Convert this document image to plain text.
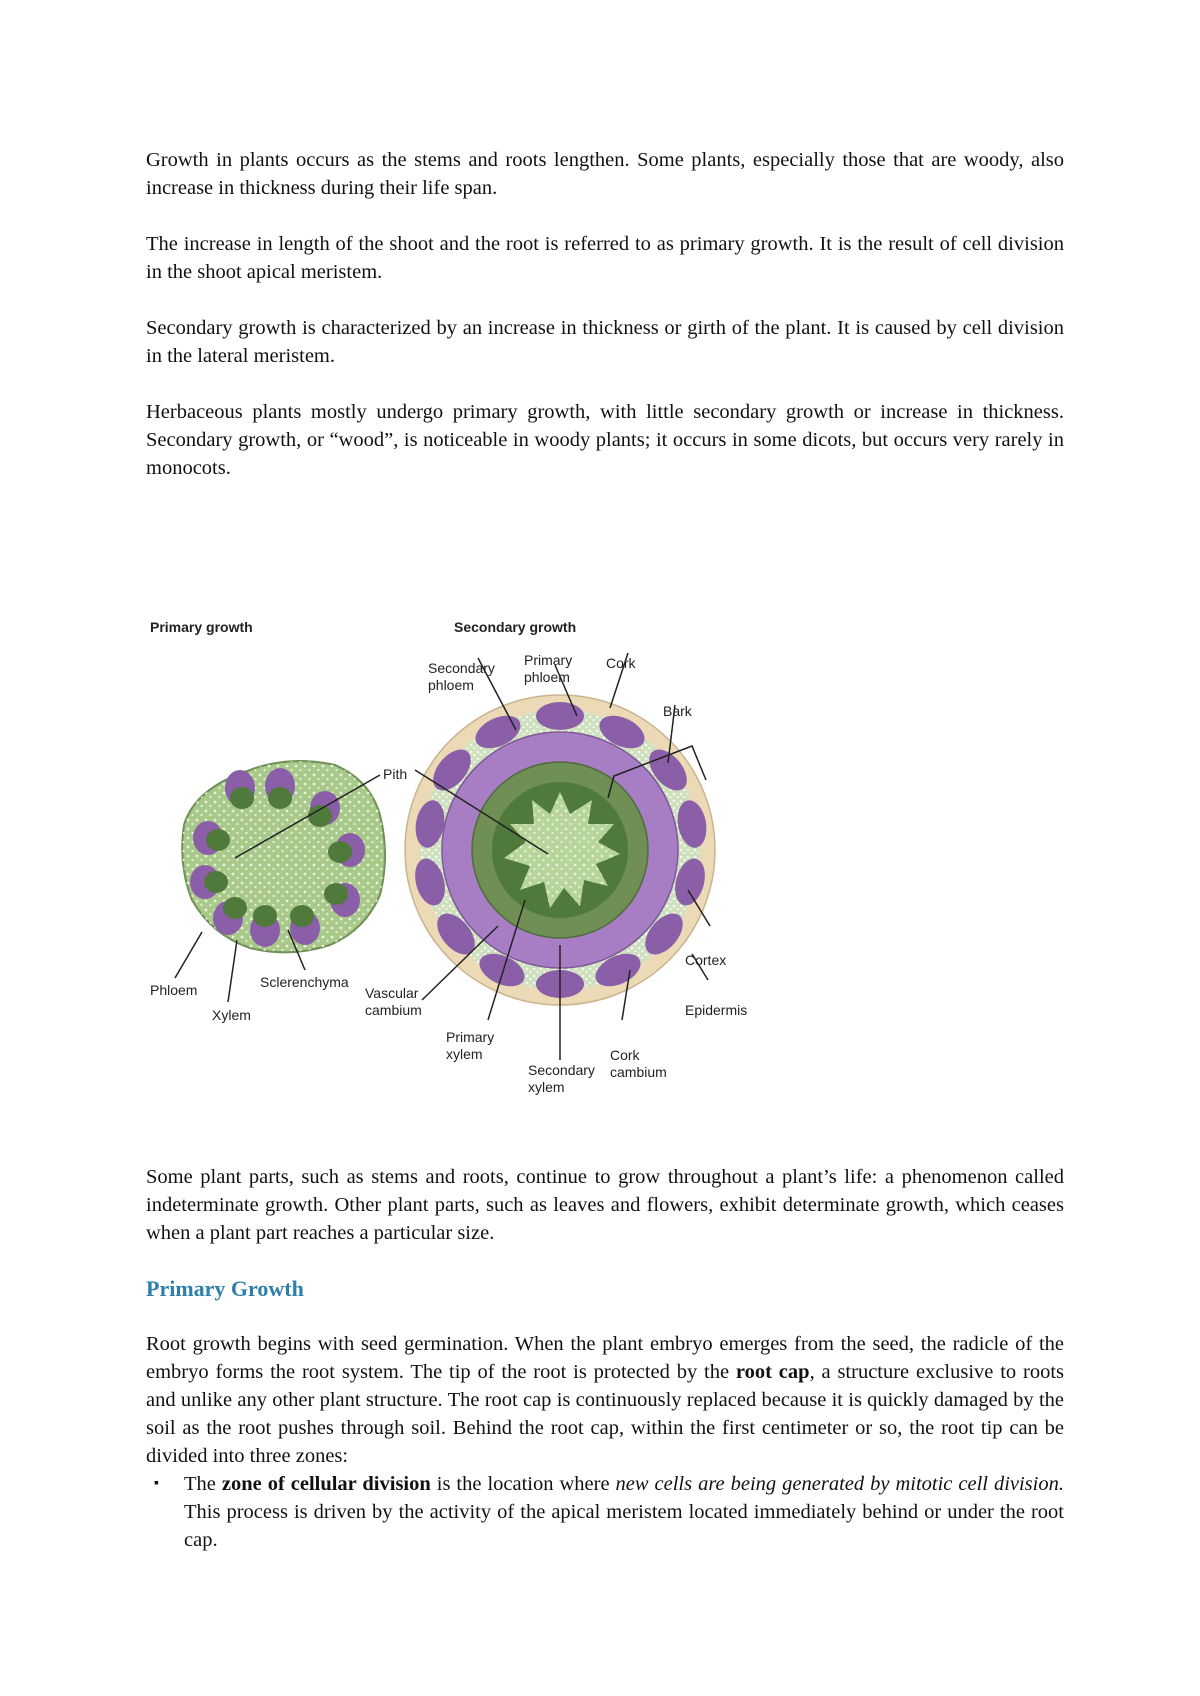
Growth in plants occurs as the stems and roots lengthen. Some plants, especially those that are woody, also increase in thickness during their life span.

The increase in length of the shoot and the root is referred to as primary growth. It is the result of cell division in the shoot apical meristem.

Secondary growth is characterized by an increase in thickness or girth of the plant. It is caused by cell division in the lateral meristem.

Herbaceous plants mostly undergo primary growth, with little secondary growth or increase in thickness. Secondary growth, or “wood”, is noticeable in woody plants; it occurs in some dicots, but occurs very rarely in monocots.

Primary growth	Secondary growth
Phloem
Xylem
Sclerenchyma
Pith
Secondary
phloem
Primary
phloem
Cork
Bark
Cortex
Epidermis
Vascular
cambium
Primary
xylem
Secondary
xylem
Cork
cambium

Some plant parts, such as stems and roots, continue to grow throughout a plant’s life: a phenomenon called indeterminate growth. Other plant parts, such as leaves and flowers, exhibit determinate growth, which ceases when a plant part reaches a particular size.

Primary Growth

Root growth begins with seed germination. When the plant embryo emerges from the seed, the radicle of the embryo forms the root system. The tip of the root is protected by the root cap, a structure exclusive to roots and unlike any other plant structure. The root cap is continuously replaced because it is quickly damaged by the soil as the root pushes through soil. Behind the root cap, within the first centimeter or so, the root tip can be divided into three zones:

▪ The zone of cellular division is the location where new cells are being generated by mitotic cell division. This process is driven by the activity of the apical meristem located immediately behind or under the root cap.
